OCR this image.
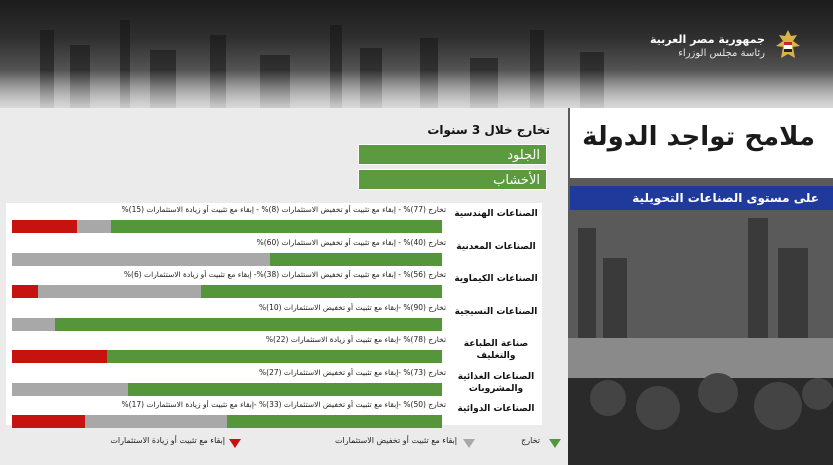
جمهورية مصر العربية
رئاسة مجلس الوزراء
ملامح تواجد الدولة
على مستوى الصناعات التحويلية
تخارج خلال 3 سنوات
الجلود
الأخشاب
الصناعات الهندسية
تخارج (77)% - إبقاء مع تثبيت أو تخفيض الاستثمارات (8)% - إبقاء مع تثبيت أو زيادة الاستثمارات (15)%
الصناعات المعدنية
تخارج (40)% - إبقاء مع تثبيت أو تخفيض الاستثمارات (60)%
الصناعات الكيماوية
تخارج (56)% - إبقاء مع تثبيت أو تخفيض الاستثمارات (38)%- إبقاء مع تثبيت أو زيادة الاستثمارات (6)%
الصناعات النسيجية
تخارج (90)% -إبقاء مع تثبيت أو تخفيض الاستثمارات (10)%
صناعة الطباعة والتغليف
تخارج (78)% -إبقاء مع تثبيت أو زيادة الاستثمارات (22)%
الصناعات الغذائية والمشروبات
تخارج (73)% -إبقاء مع تثبيت أو تخفيض الاستثمارات (27)%
الصناعات الدوائية
تخارج (50)% -إبقاء مع تثبيت أو تخفيض الاستثمارات (33)% -إبقاء مع تثبيت أو زيادة الاستثمارات (17)%
تخارج
إبقاء مع تثبيت أو تخفيض الاستثمارات
إبقاء مع تثبيت أو زيادة الاستثمارات
